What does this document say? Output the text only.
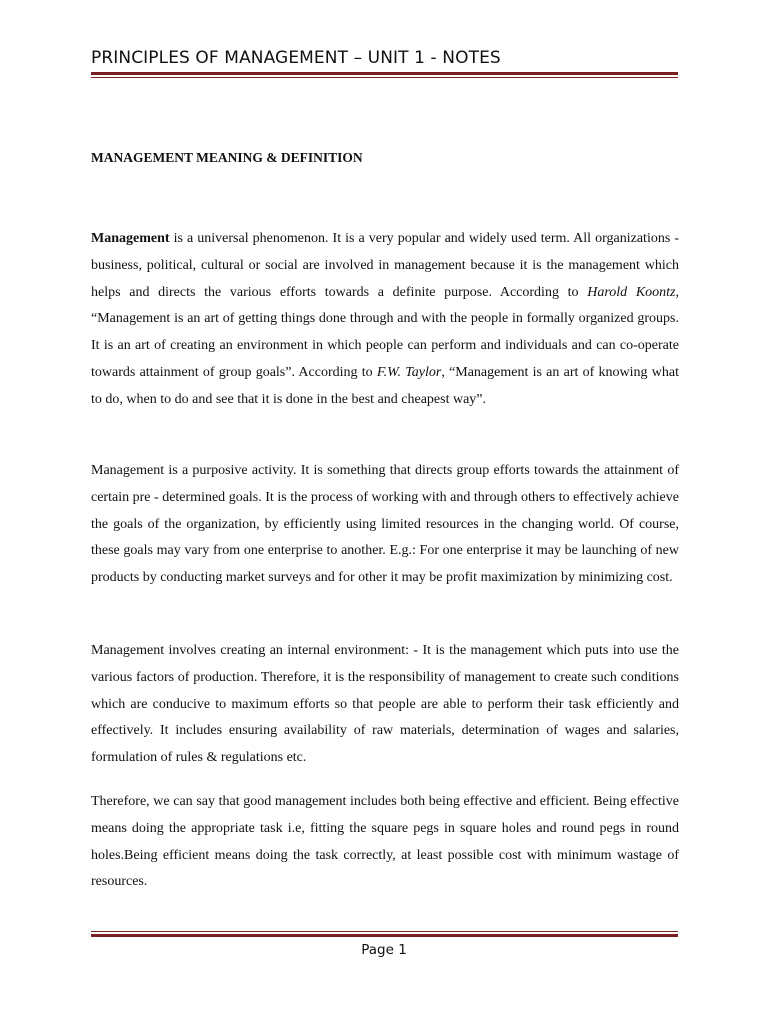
PRINCIPLES OF MANAGEMENT – UNIT 1 - NOTES
MANAGEMENT MEANING & DEFINITION

Management is a universal phenomenon. It is a very popular and widely used term. All organizations - business, political, cultural or social are involved in management because it is the management which helps and directs the various efforts towards a definite purpose. According to Harold Koontz, “Management is an art of getting things done through and with the people in formally organized groups. It is an art of creating an environment in which people can perform and individuals and can co-operate towards attainment of group goals”. According to F.W. Taylor, “Management is an art of knowing what to do, when to do and see that it is done in the best and cheapest way”.

Management is a purposive activity. It is something that directs group efforts towards the attainment of certain pre - determined goals. It is the process of working with and through others to effectively achieve the goals of the organization, by efficiently using limited resources in the changing world. Of course, these goals may vary from one enterprise to another. E.g.: For one enterprise it may be launching of new products by conducting market surveys and for other it may be profit maximization by minimizing cost.

Management involves creating an internal environment: - It is the management which puts into use the various factors of production. Therefore, it is the responsibility of management to create such conditions which are conducive to maximum efforts so that people are able to perform their task efficiently and effectively. It includes ensuring availability of raw materials, determination of wages and salaries, formulation of rules & regulations etc.

Therefore, we can say that good management includes both being effective and efficient. Being effective means doing the appropriate task i.e, fitting the square pegs in square holes and round pegs in round holes.Being efficient means doing the task correctly, at least possible cost with minimum wastage of resources.

Page 1
